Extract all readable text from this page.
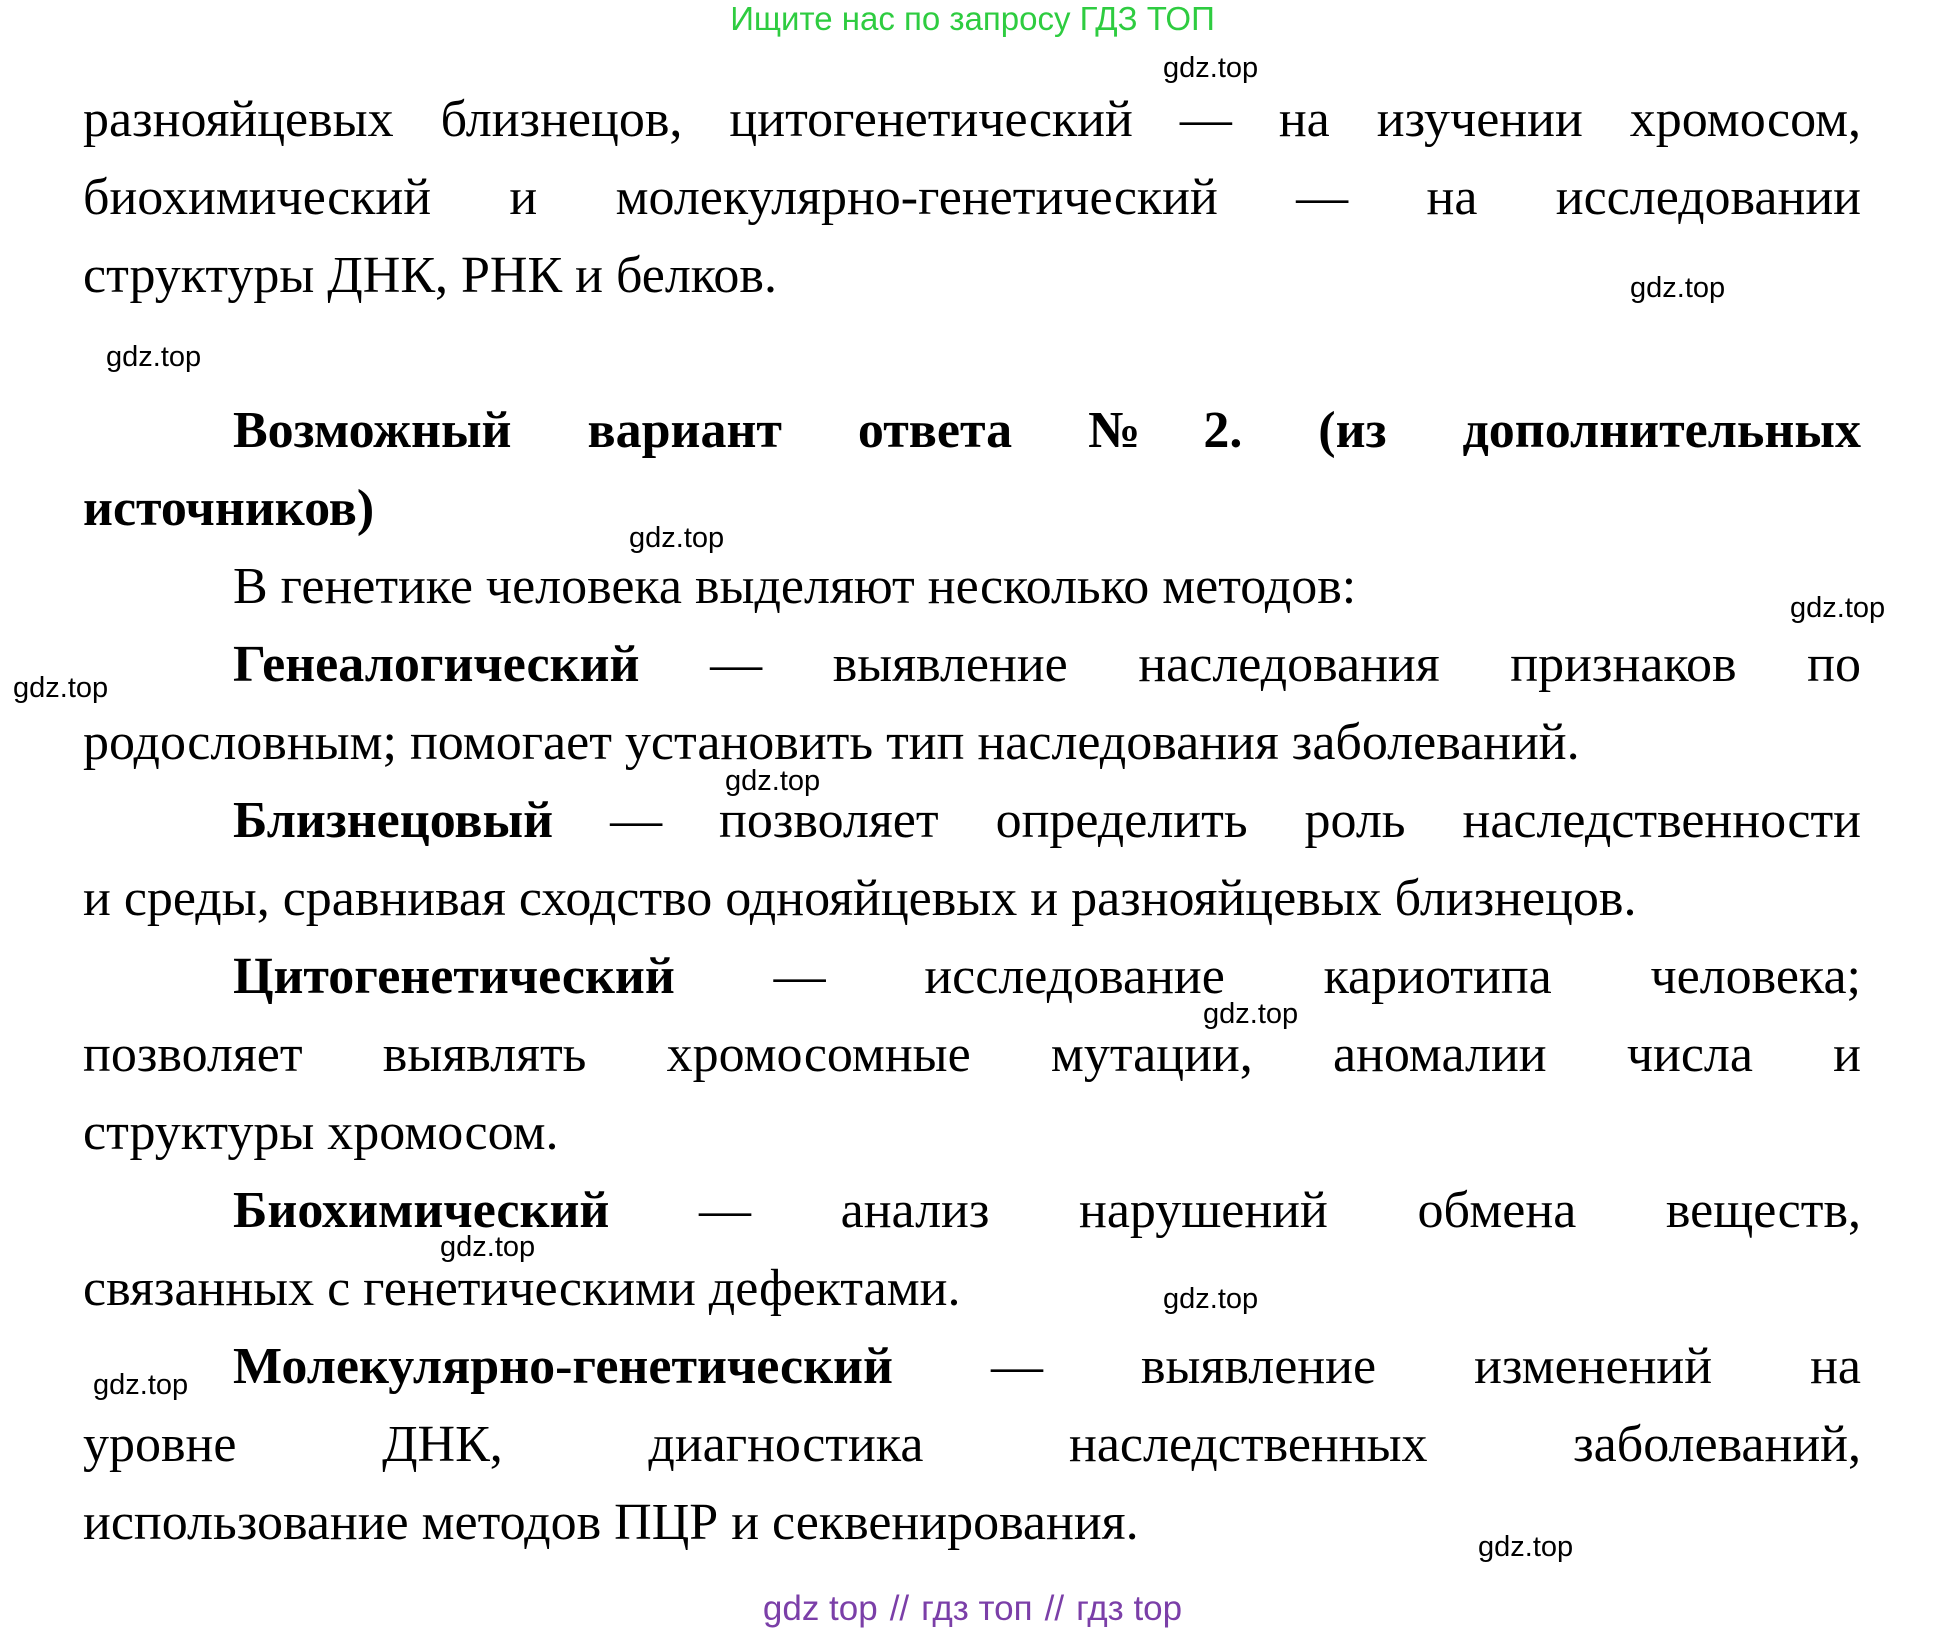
Ищите нас по запросу ГДЗ ТОП
gdz.top
gdz.top
gdz.top
gdz.top
gdz.top
gdz.top
gdz.top
gdz.top
gdz.top
gdz.top
gdz.top
gdz.top
разнояйцевых близнецов, цитогенетический — на изучении хромосом,
биохимический и молекулярно-генетический — на исследовании
структуры ДНК, РНК и белков.
Возможный вариант ответа №2. (из дополнительных
источников)
В генетике человека выделяют несколько методов:
Генеалогический — выявление наследования признаков по
родословным; помогает установить тип наследования заболеваний.
Близнецовый — позволяет определить роль наследственности
и среды, сравнивая сходство однояйцевых и разнояйцевых близнецов.
Цитогенетический — исследование кариотипа человека;
позволяет выявлять хромосомные мутации, аномалии числа и
структуры хромосом.
Биохимический — анализ нарушений обмена веществ,
связанных с генетическими дефектами.
Молекулярно-генетический — выявление изменений на
уровне ДНК, диагностика наследственных заболеваний,
использование методов ПЦР и секвенирования.
gdz top // гдз топ // гдз top
